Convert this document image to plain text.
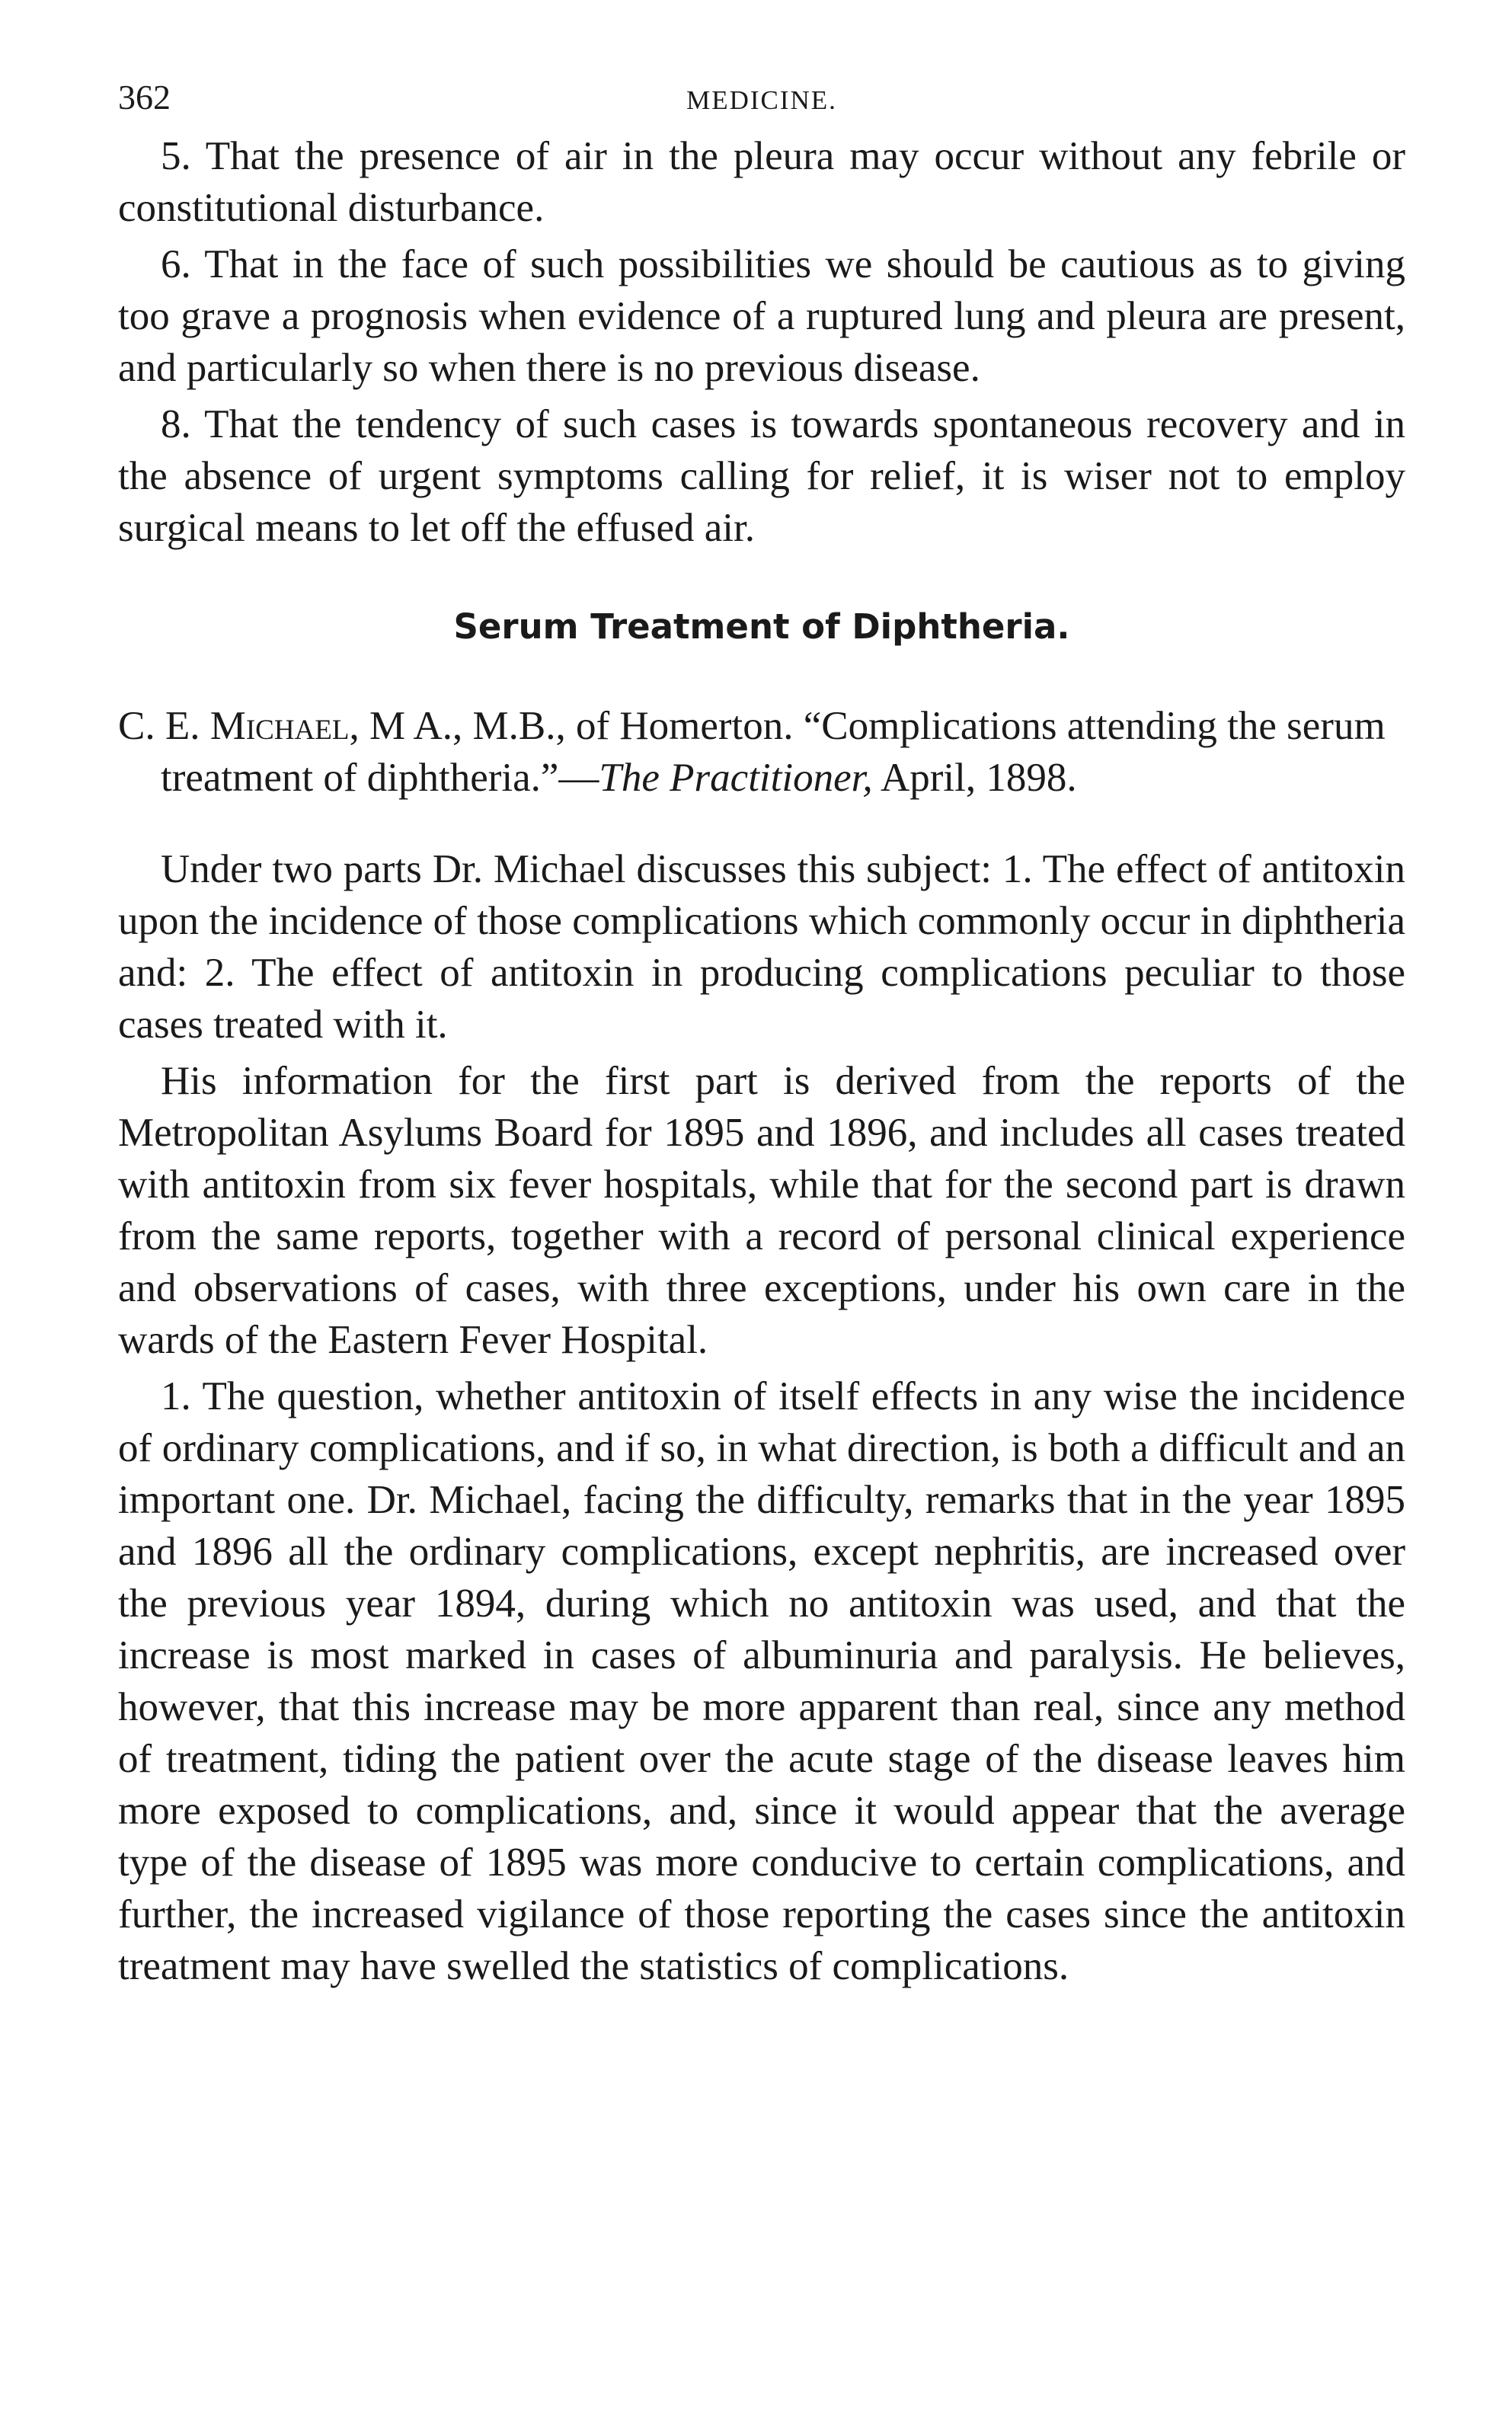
362	MEDICINE.

5. That the presence of air in the pleura may occur without any febrile or constitutional disturbance.

6. That in the face of such possibilities we should be cautious as to giving too grave a prognosis when evidence of a ruptured lung and pleura are present, and particularly so when there is no previous disease.

8. That the tendency of such cases is towards spontaneous recovery and in the absence of urgent symptoms calling for relief, it is wiser not to employ surgical means to let off the effused air.

Serum Treatment of Diphtheria.
C. E. Michael, M A., M.B., of Homerton. “Complications attending the serum treatment of diphtheria.”—The Practitioner, April, 1898.

Under two parts Dr. Michael discusses this subject: 1. The effect of antitoxin upon the incidence of those complications which commonly occur in diphtheria and: 2. The effect of antitoxin in producing complications peculiar to those cases treated with it.

His information for the first part is derived from the reports of the Metropolitan Asylums Board for 1895 and 1896, and includes all cases treated with antitoxin from six fever hospitals, while that for the second part is drawn from the same reports, together with a record of personal clinical experience and observations of cases, with three exceptions, under his own care in the wards of the Eastern Fever Hospital.

1. The question, whether antitoxin of itself effects in any wise the incidence of ordinary complications, and if so, in what direction, is both a difficult and an important one. Dr. Michael, facing the difficulty, remarks that in the year 1895 and 1896 all the ordinary complications, except nephritis, are increased over the previous year 1894, during which no antitoxin was used, and that the increase is most marked in cases of albuminuria and paralysis. He believes, however, that this increase may be more apparent than real, since any method of treatment, tiding the patient over the acute stage of the disease leaves him more exposed to complications, and, since it would appear that the average type of the disease of 1895 was more conducive to certain complications, and further, the increased vigilance of those reporting the cases since the antitoxin treatment may have swelled the statistics of complications.
